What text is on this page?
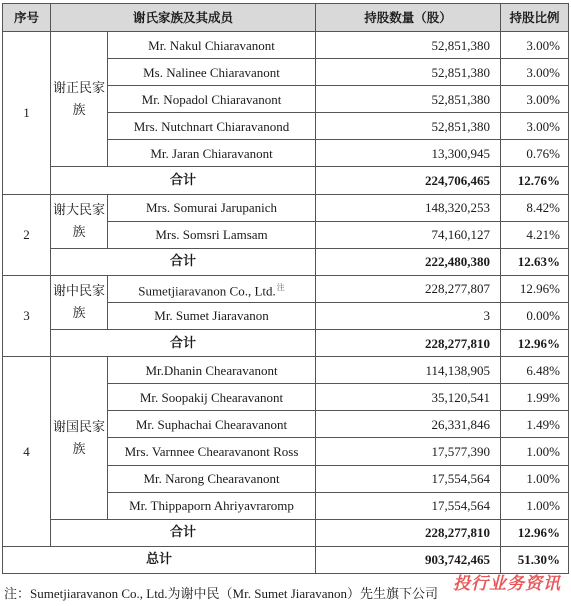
序号	谢氏家族及其成员		持股数量（股）	持股比例
1	谢正民家族	Mr. Nakul Chiaravanont	52,851,380	3.00%
		Ms. Nalinee Chiaravanont	52,851,380	3.00%
		Mr. Nopadol Chiaravanont	52,851,380	3.00%
		Mrs. Nutchnart Chiaravanond	52,851,380	3.00%
		Mr. Jaran Chiaravanont	13,300,945	0.76%
	合计		224,706,465	12.76%
2	谢大民家族	Mrs. Somurai Jarupanich	148,320,253	8.42%
		Mrs. Somsri Lamsam	74,160,127	4.21%
	合计		222,480,380	12.63%
3	谢中民家族	Sumetjiaravanon Co., Ltd.$^注$	228,277,807	12.96%
		Mr. Sumet Jiaravanon	3	0.00%
	合计		228,277,810	12.96%
4	谢国民家族	Mr.Dhanin Chearavanont	114,138,905	6.48%
		Mr. Soopakij Chearavanont	35,120,541	1.99%
		Mr. Suphachai Chearavanont	26,331,846	1.49%
		Mrs. Varnnee Chearavanont Ross	17,577,390	1.00%
		Mr. Narong Chearavanont	17,554,564	1.00%
		Mr. Thippaporn Ahriyavraromp	17,554,564	1.00%
	合计		228,277,810	12.96%
总计			903,742,465	51.30%
注：Sumetjiaravanon Co., Ltd.为谢中民（Mr. Sumet Jiaravanon）先生旗下公司 投行业务资讯
